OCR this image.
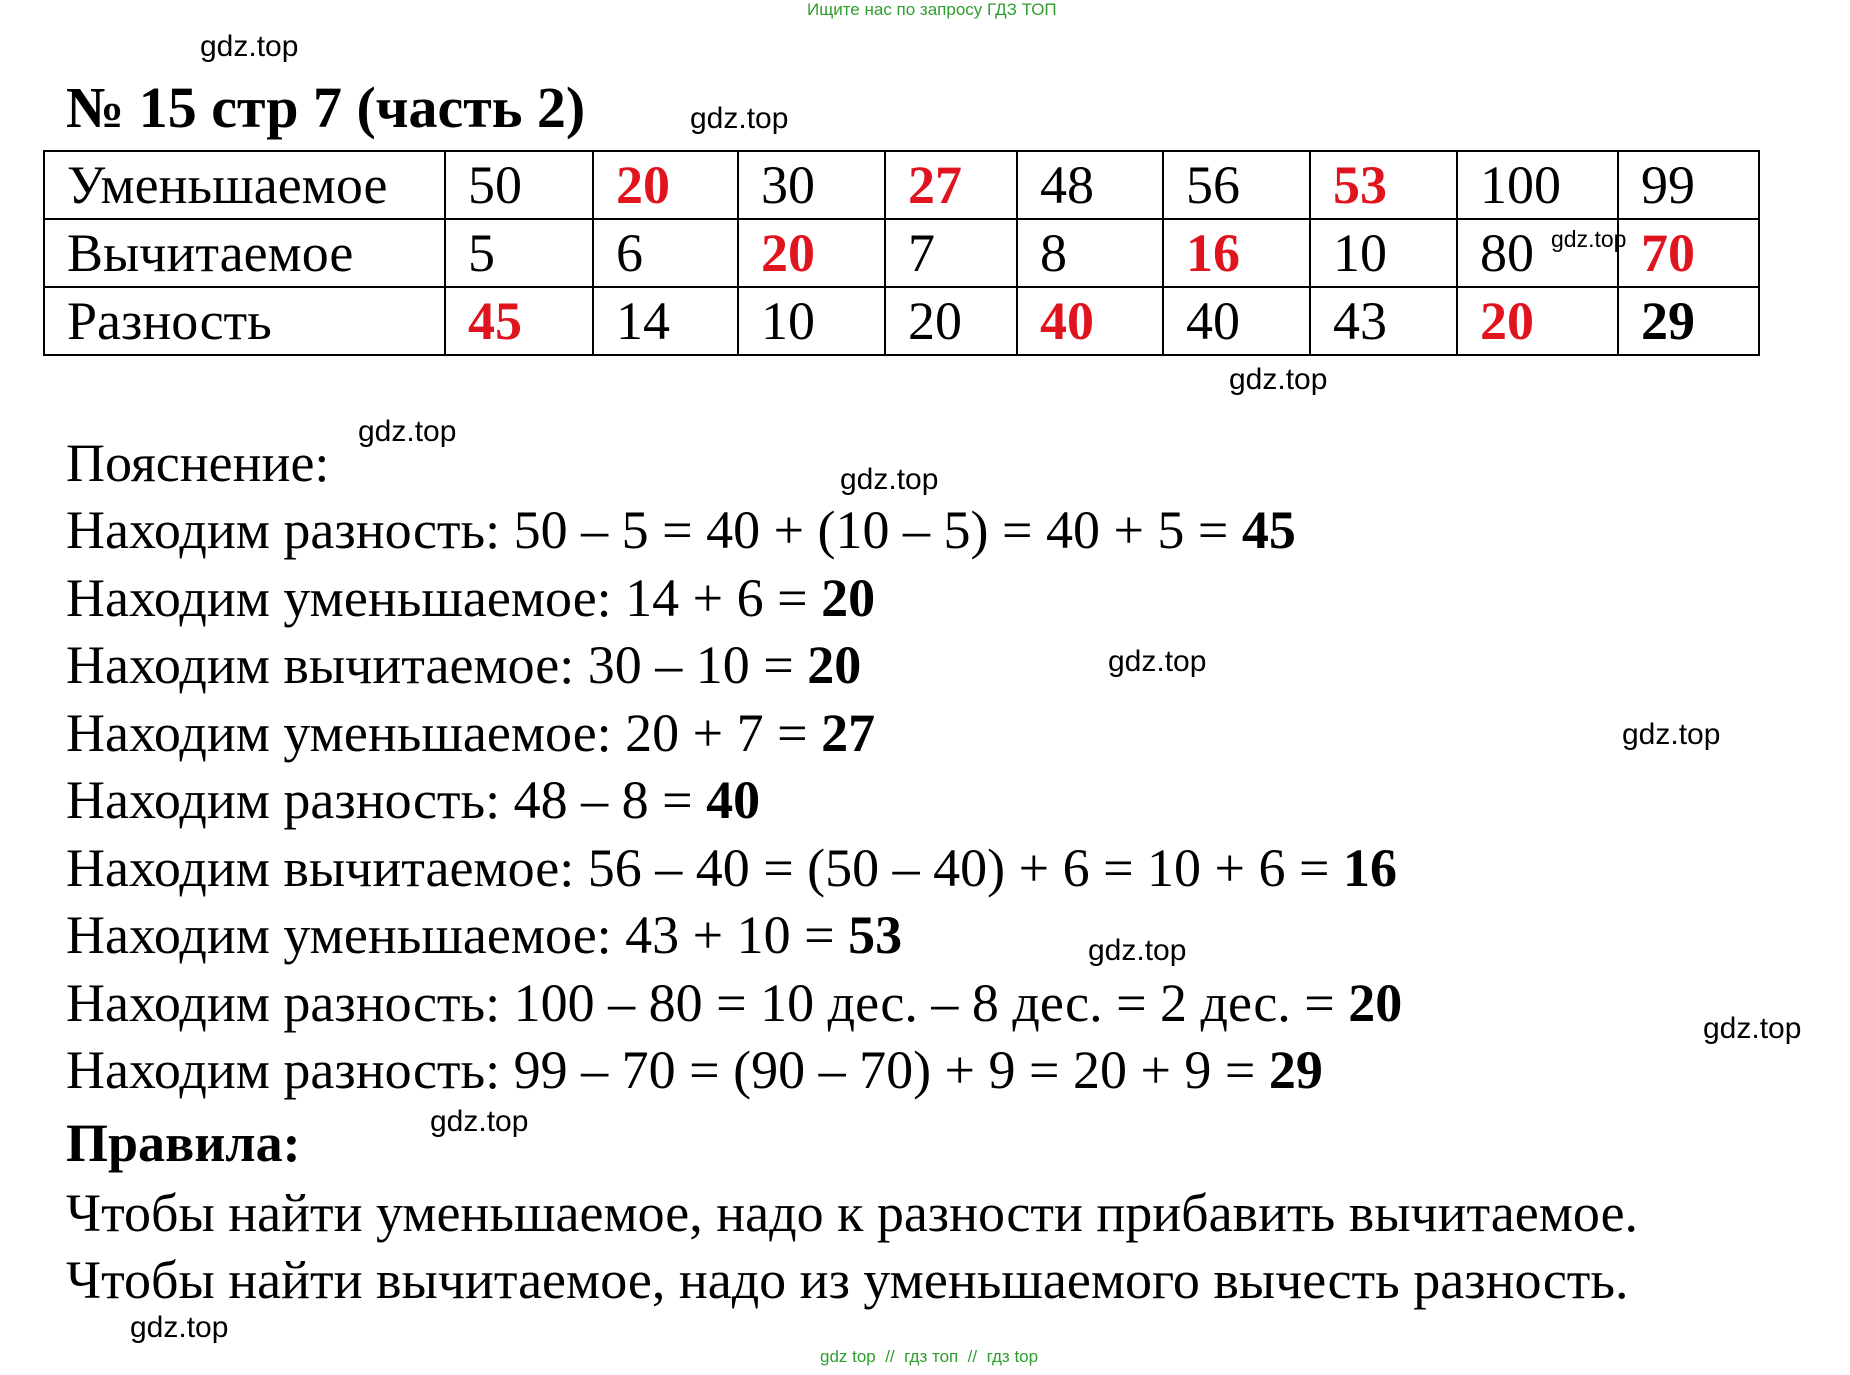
Ищите нас по запросу ГДЗ ТОП
№ 15 стр 7 (часть 2)
Уменьшаемое	50	20	30	27	48	56	53	100	99
Вычитаемое	5	6	20	7	8	16	10	80	70
Разность	45	14	10	20	40	40	43	20	29
Пояснение:
Находим разность: 50 – 5 = 40 + (10 – 5) = 40 + 5 = 45
Находим уменьшаемое: 14 + 6 = 20
Находим вычитаемое: 30 – 10 = 20
Находим уменьшаемое: 20 + 7 = 27
Находим разность: 48 – 8 = 40
Находим вычитаемое: 56 – 40 = (50 – 40) + 6 = 10 + 6 = 16
Находим уменьшаемое: 43 + 10 = 53
Находим разность: 100 – 80 = 10 дес. – 8 дес. = 2 дес. = 20
Находим разность: 99 – 70 = (90 – 70) + 9 = 20 + 9 = 29
Правила:
Чтобы найти уменьшаемое, надо к разности прибавить вычитаемое.
Чтобы найти вычитаемое, надо из уменьшаемого вычесть разность.
gdz.top
gdz.top
gdz.top
gdz.top
gdz.top
gdz.top
gdz.top
gdz.top
gdz.top
gdz.top
gdz.top
gdz.top
gdz top  //  гдз топ  //  гдз top
